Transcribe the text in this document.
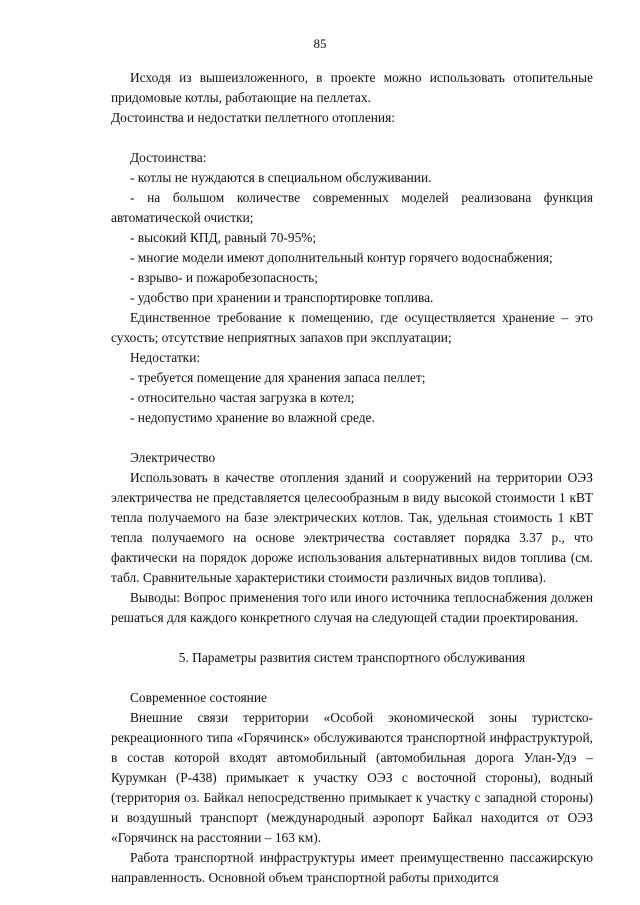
85

Исходя из вышеизложенного, в проекте можно использовать отопительные придомовые котлы, работающие на пеллетах.

Достоинства и недостатки пеллетного отопления:

Достоинства:

- котлы не нуждаются в специальном обслуживании.

- на большом количестве современных моделей реализована функция автоматической очистки;

- высокий КПД, равный 70-95%;

- многие модели имеют дополнительный контур горячего водоснабжения;

- взрыво- и пожаробезопасность;

- удобство при хранении и транспортировке топлива.

Единственное требование к помещению, где осуществляется хранение – это сухость; отсутствие неприятных запахов при эксплуатации;

Недостатки:

- требуется помещение для хранения запаса пеллет;

- относительно частая загрузка в котел;

- недопустимо хранение во влажной среде.

Электричество

Использовать в качестве отопления зданий и сооружений на территории ОЭЗ электричества не представляется целесообразным в виду высокой стоимости 1 кВТ тепла получаемого на базе электрических котлов. Так, удельная стоимость 1 кВТ тепла получаемого на основе электричества составляет порядка 3.37 р., что фактически на порядок дороже использования альтернативных видов топлива (см. табл. Сравнительные характеристики стоимости различных видов топлива).

Выводы: Вопрос применения того или иного источника теплоснабжения должен решаться для каждого конкретного случая на следующей стадии проектирования.

5. Параметры развития систем транспортного обслуживания

Современное состояние

Внешние связи территории «Особой экономической зоны туристско-рекреационного типа «Горячинск» обслуживаются транспортной инфраструктурой, в состав которой входят автомобильный (автомобильная дорога Улан-Удэ – Курумкан (Р-438) примыкает к участку ОЭЗ с восточной стороны), водный (территория оз. Байкал непосредственно примыкает к участку с западной стороны) и воздушный транспорт (международный аэропорт Байкал находится от ОЭЗ «Горячинск на расстоянии – 163 км).

Работа транспортной инфраструктуры имеет преимущественно пассажирскую направленность. Основной объем транспортной работы приходится
